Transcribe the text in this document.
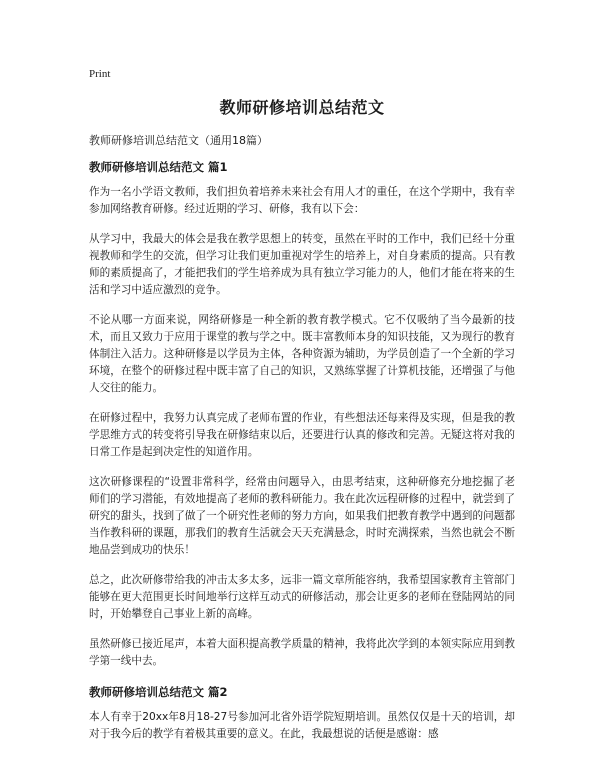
Print
教师研修培训总结范文
教师研修培训总结范文（通用18篇）
教师研修培训总结范文 篇1

作为一名小学语文教师，我们担负着培养未来社会有用人才的重任，在这个学期中，我有幸参加网络教育研修。经过近期的学习、研修，我有以下会：

从学习中，我最大的体会是我在教学思想上的转变，虽然在平时的工作中，我们已经十分重视教师和学生的交流，但学习让我们更加重视对学生的培养上，对自身素质的提高。只有教师的素质提高了，才能把我们的学生培养成为具有独立学习能力的人，他们才能在将来的生活和学习中适应激烈的竞争。

不论从哪一方面来说，网络研修是一种全新的教育教学模式。它不仅吸纳了当今最新的技术，而且又致力于应用于课堂的教与学之中。既丰富教师本身的知识技能，又为现行的教育体制注入活力。这种研修是以学员为主体，各种资源为辅助，为学员创造了一个全新的学习环境，在整个的研修过程中既丰富了自己的知识，又熟练掌握了计算机技能，还增强了与他人交往的能力。

在研修过程中，我努力认真完成了老师布置的作业，有些想法还每来得及实现，但是我的教学思维方式的转变将引导我在研修结束以后，还要进行认真的修改和完善。无疑这将对我的日常工作是起到决定性的知道作用。

这次研修课程的“设置非常科学，经常由问题导入，由思考结束，这种研修充分地挖掘了老师们的学习潜能，有效地提高了老师的教科研能力。我在此次远程研修的过程中，就尝到了研究的甜头，找到了做了一个研究性老师的努力方向，如果我们把教育教学中遇到的问题都当作教科研的课题，那我们的教育生活就会天天充满悬念，时时充满探索，当然也就会不断地品尝到成功的快乐！

总之，此次研修带给我的冲击太多太多，远非一篇文章所能容纳，我希望国家教育主管部门能够在更大范围更长时间地举行这样互动式的研修活动，那会让更多的老师在登陆网站的同时，开始攀登自己事业上新的高峰。

虽然研修已接近尾声，本着大面积提高教学质量的精神，我将此次学到的本领实际应用到教学第一线中去。

教师研修培训总结范文 篇2

本人有幸于20xx年8月18-27号参加河北省外语学院短期培训。虽然仅仅是十天的培训，却对于我今后的教学有着极其重要的意义。在此，我最想说的话便是感谢：感
